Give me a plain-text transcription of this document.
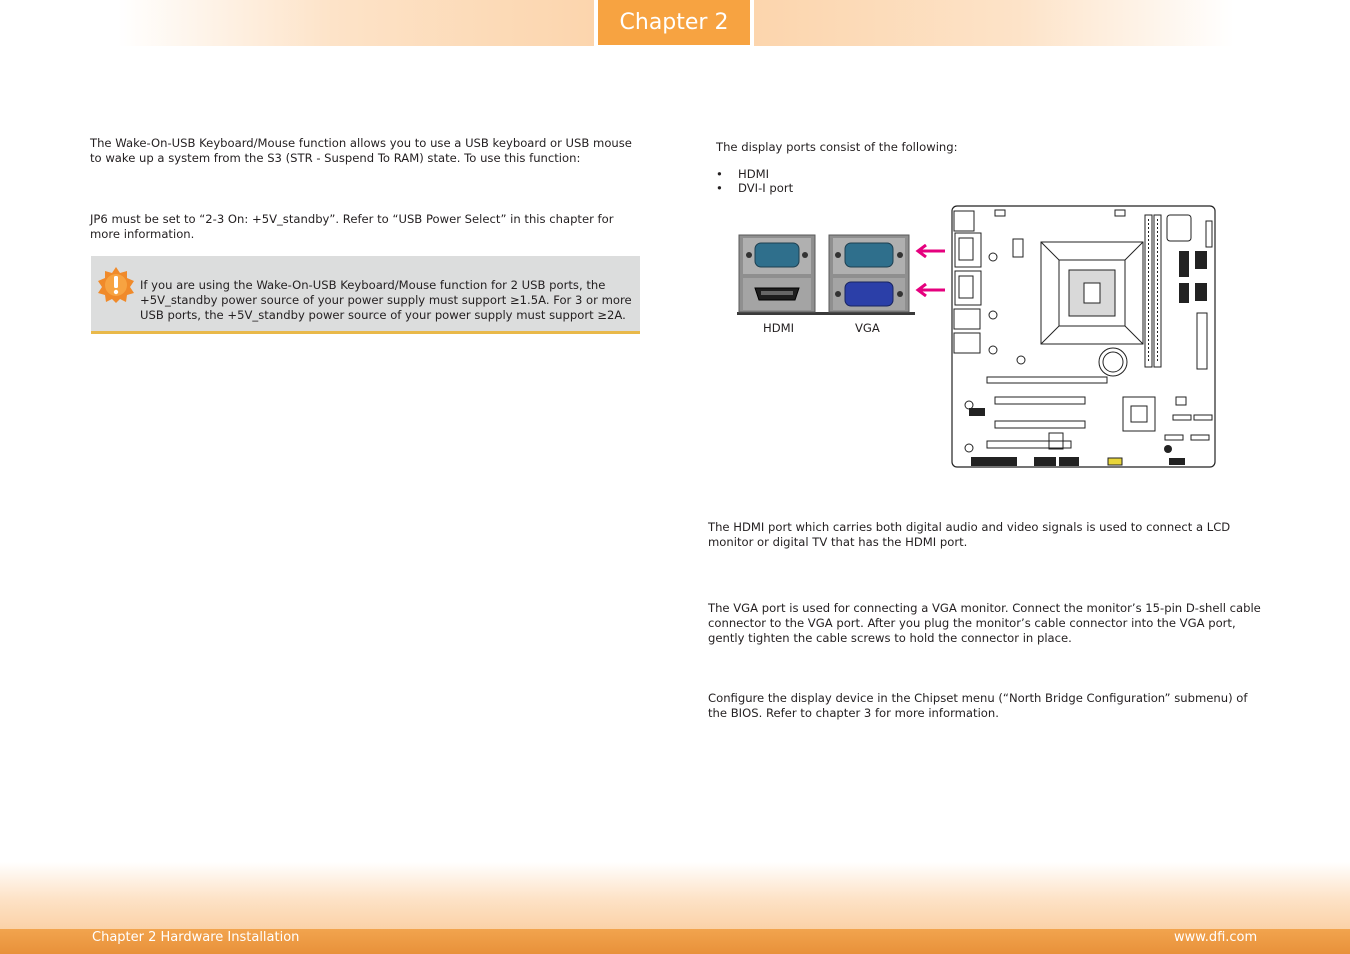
Chapter 2

The Wake-On-USB Keyboard/Mouse function allows you to use a USB keyboard or USB mouse to wake up a system from the S3 (STR - Suspend To RAM) state. To use this function:

JP6 must be set to “2-3 On: +5V_standby”. Refer to “USB Power Select” in this chapter for more information.

If you are using the Wake-On-USB Keyboard/Mouse function for 2 USB ports, the +5V_standby power source of your power supply must support ≥1.5A. For 3 or more USB ports, the +5V_standby power source of your power supply must support ≥2A.

The display ports consist of the following:

• HDMI
• DVI-I port
HDMI	VGA

The HDMI port which carries both digital audio and video signals is used to connect a LCD monitor or digital TV that has the HDMI port.

The VGA port is used for connecting a VGA monitor. Connect the monitor’s 15-pin D-shell cable connector to the VGA port. After you plug the monitor’s cable connector into the VGA port, gently tighten the cable screws to hold the connector in place.

Configure the display device in the Chipset menu (“North Bridge Configuration” submenu) of the BIOS. Refer to chapter 3 for more information.

Chapter 2 Hardware Installation	www.dfi.com
